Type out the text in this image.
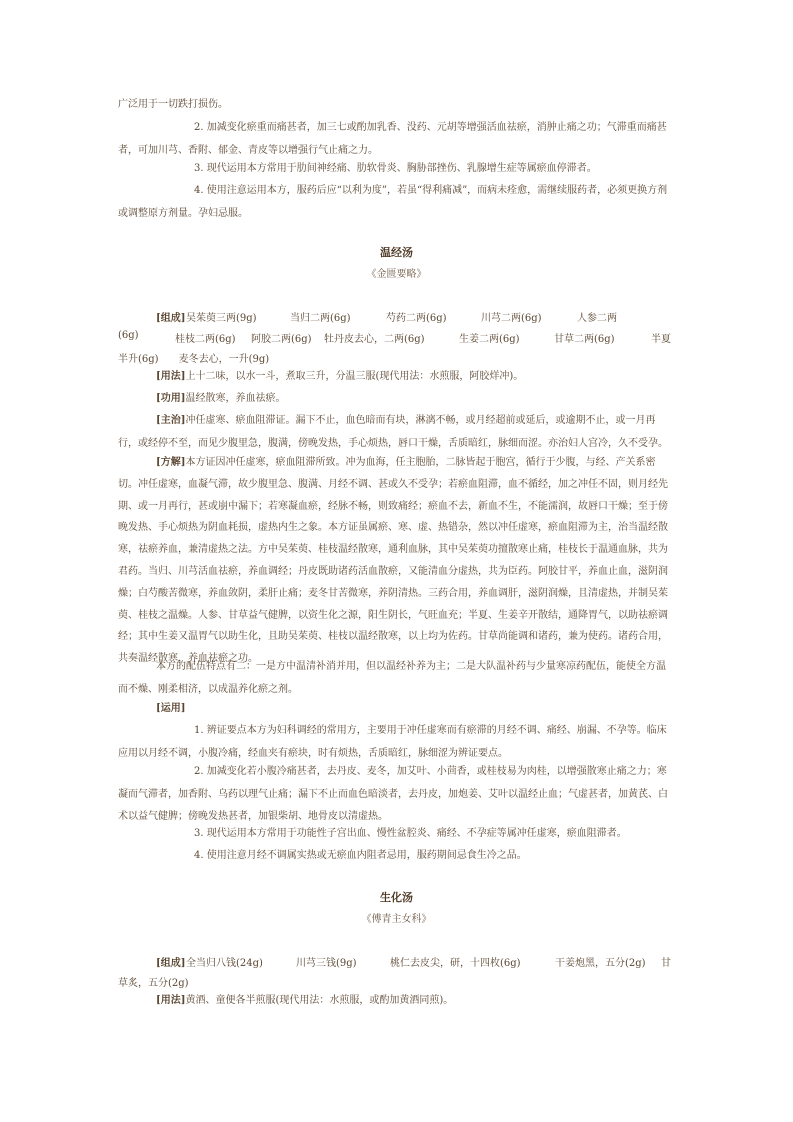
广泛用于一切跌打损伤。
2. 加减变化瘀重而痛甚者，加三七或酌加乳香、没药、元胡等增强活血祛瘀，消肿止痛之功；气滞重而痛甚者，可加川芎、香附、郁金、青皮等以增强行气止痛之力。
3. 现代运用本方常用于肋间神经痛、肋软骨炎、胸胁部挫伤、乳腺增生症等属瘀血停滞者。
4. 使用注意运用本方，服药后应“以利为度”，若虽“得利痛减”，而病未痊愈，需继续服药者，必须更换方剂或调整原方剂量。孕妇忌服。
温经汤
《金匮要略》
[组成] 吴茱萸三两(9g)	当归二两(6g)	芍药二两(6g)	川芎二两(6g)	人参二两
(6g)	桂枝二两(6g) 阿胶二两(6g) 牡丹皮去心，二两(6g)	生姜二两(6g)	甘草二两(6g)	半夏
半升(6g)　　麦冬去心，一升(9g)
[用法]上十二味，以水一斗，煮取三升，分温三服(现代用法：水煎服，阿胶烊冲)。
[功用]温经散寒，养血祛瘀。
[主治]冲任虚寒、瘀血阻滞证。漏下不止，血色暗而有块，淋漓不畅，或月经超前或延后，或逾期不止，或一月再行，或经停不至，而见少腹里急，腹满，傍晚发热，手心烦热，唇口干燥，舌质暗红，脉细而涩。亦治妇人宫冷，久不受孕。
[方解]本方证因冲任虚寒，瘀血阻滞所致。冲为血海，任主胞胎，二脉皆起于胞宫，循行于少腹，与经、产关系密切。冲任虚寒，血凝气滞，故少腹里急、腹满、月经不调、甚或久不受孕；若瘀血阻滞，血不循经，加之冲任不固，则月经先期、或一月再行，甚或崩中漏下；若寒凝血瘀，经脉不畅，则致痛经；瘀血不去，新血不生，不能濡润，故唇口干燥；至于傍晚发热、手心烦热为阴血耗损，虚热内生之象。本方证虽属瘀、寒、虚、热错杂，然以冲任虚寒，瘀血阻滞为主，治当温经散寒，祛瘀养血，兼清虚热之法。方中吴茱萸、桂枝温经散寒，通利血脉，其中吴茱萸功擅散寒止痛，桂枝长于温通血脉，共为君药。当归、川芎活血祛瘀，养血调经；丹皮既助诸药活血散瘀，又能清血分虚热，共为臣药。阿胶甘平，养血止血，滋阴润燥；白芍酸苦微寒，养血敛阴，柔肝止痛；麦冬甘苦微寒，养阴清热。三药合用，养血调肝，滋阴润燥，且清虚热，并制吴茱萸、桂枝之温燥。人参、甘草益气健脾，以资生化之源，阳生阴长，气旺血充；半夏、生姜辛开散结，通降胃气，以助祛瘀调经；其中生姜又温胃气以助生化，且助吴茱萸、桂枝以温经散寒，以上均为佐药。甘草尚能调和诸药，兼为使药。诸药合用，共奏温经散寒，养血祛瘀之功。
本方的配伍特点有二：一是方中温清补消并用，但以温经补养为主；二是大队温补药与少量寒凉药配伍，能使全方温而不燥、刚柔相济，以成温养化瘀之剂。
[运用]
1. 辨证要点本方为妇科调经的常用方，主要用于冲任虚寒而有瘀滞的月经不调、痛经、崩漏、不孕等。临床应用以月经不调，小腹冷痛，经血夹有瘀块，时有烦热，舌质暗红，脉细涩为辨证要点。
2. 加减变化若小腹冷痛甚者，去丹皮、麦冬，加艾叶、小茴香，或桂枝易为肉桂，以增强散寒止痛之力；寒凝而气滞者，加香附、乌药以理气止痛；漏下不止而血色暗淡者，去丹皮，加炮姜、艾叶以温经止血；气虚甚者，加黄芪、白术以益气健脾；傍晚发热甚者，加银柴胡、地骨皮以清虚热。
3. 现代运用本方常用于功能性子宫出血、慢性盆腔炎、痛经、不孕症等属冲任虚寒，瘀血阻滞者。
4. 使用注意月经不调属实热或无瘀血内阻者忌用，服药期间忌食生冷之品。
生化汤
《傅青主女科》
[组成] 全当归八钱(24g)	川芎三钱(9g)	桃仁去皮尖，研，十四枚(6g)	干姜炮黑，五分(2g) 甘
草炙，五分(2g)
[用法]黄酒、童便各半煎服(现代用法：水煎服，或酌加黄酒同煎)。
